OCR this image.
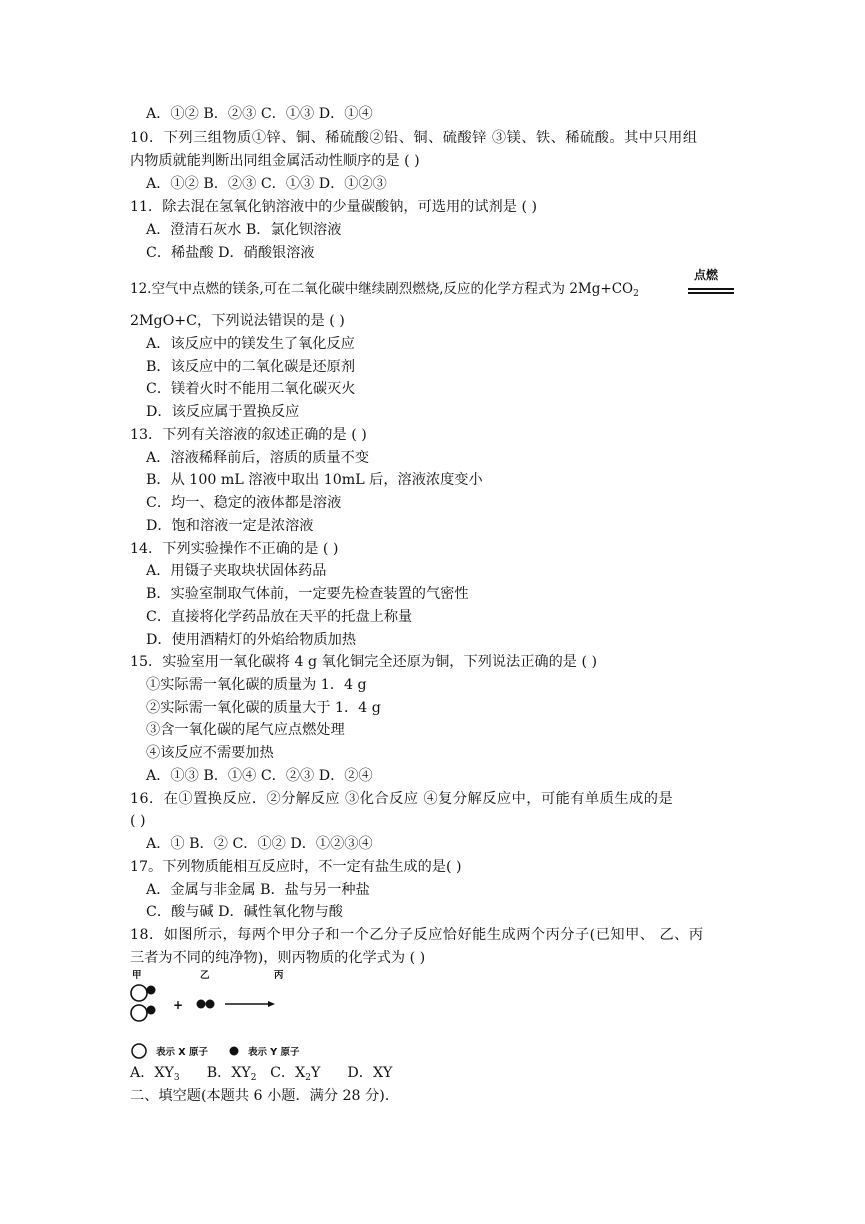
A．①② B．②③ C．①③ D．①④
10．下列三组物质①锌、铜、稀硫酸②铅、铜、硫酸锌 ③镁、铁、稀硫酸。其中只用组
内物质就能判断出同组金属活动性顺序的是 ( )
A．①② B．②③ C．①③ D．①②③
11．除去混在氢氧化钠溶液中的少量碳酸钠，可选用的试剂是 ( )
A．澄清石灰水 B．氯化钡溶液
C．稀盐酸 D．硝酸银溶液
12.空气中点燃的镁条,可在二氧化碳中继续剧烈燃烧,反应的化学方程式为 $2Mg+CO_2$
点燃
2MgO+C，下列说法错误的是 ( )
A．该反应中的镁发生了氧化反应
B．该反应中的二氧化碳是还原剂
C．镁着火时不能用二氧化碳灭火
D．该反应属于置换反应
13．下列有关溶液的叙述正确的是 ( )
A．溶液稀释前后，溶质的质量不变
B．从 100 mL 溶液中取出 10mL 后，溶液浓度变小
C．均一、稳定的液体都是溶液
D．饱和溶液一定是浓溶液
14．下列实验操作不正确的是 ( )
A．用镊子夹取块状固体药品
B．实验室制取气体前，一定要先检查装置的气密性
C．直接将化学药品放在天平的托盘上称量
D．使用酒精灯的外焰给物质加热
15．实验室用一氧化碳将 4 g 氧化铜完全还原为铜，下列说法正确的是 ( )
①实际需一氧化碳的质量为 1．4 g
②实际需一氧化碳的质量大于 1．4 g
③含一氧化碳的尾气应点燃处理
④该反应不需要加热
A．①③ B．①④ C．②③ D．②④
16．在①置换反应．②分解反应 ③化合反应 ④复分解反应中，可能有单质生成的是
( )
A．① B．② C．①② D．①②③④
17。下列物质能相互反应时，不一定有盐生成的是( )
A．金属与非金属 B．盐与另一种盐
C．酸与碱 D．碱性氧化物与酸
18．如图所示，每两个甲分子和一个乙分子反应恰好能生成两个丙分子(已知甲、 乙、丙
三者为不同的纯净物)，则丙物质的化学式为 ( )
甲	乙	丙
+
表示 X 原子	表示 Y 原子
A．$XY_3$ B．$XY_2$ C．$X_2Y$ D．XY
二、填空题(本题共 6 小题．满分 28 分)．
